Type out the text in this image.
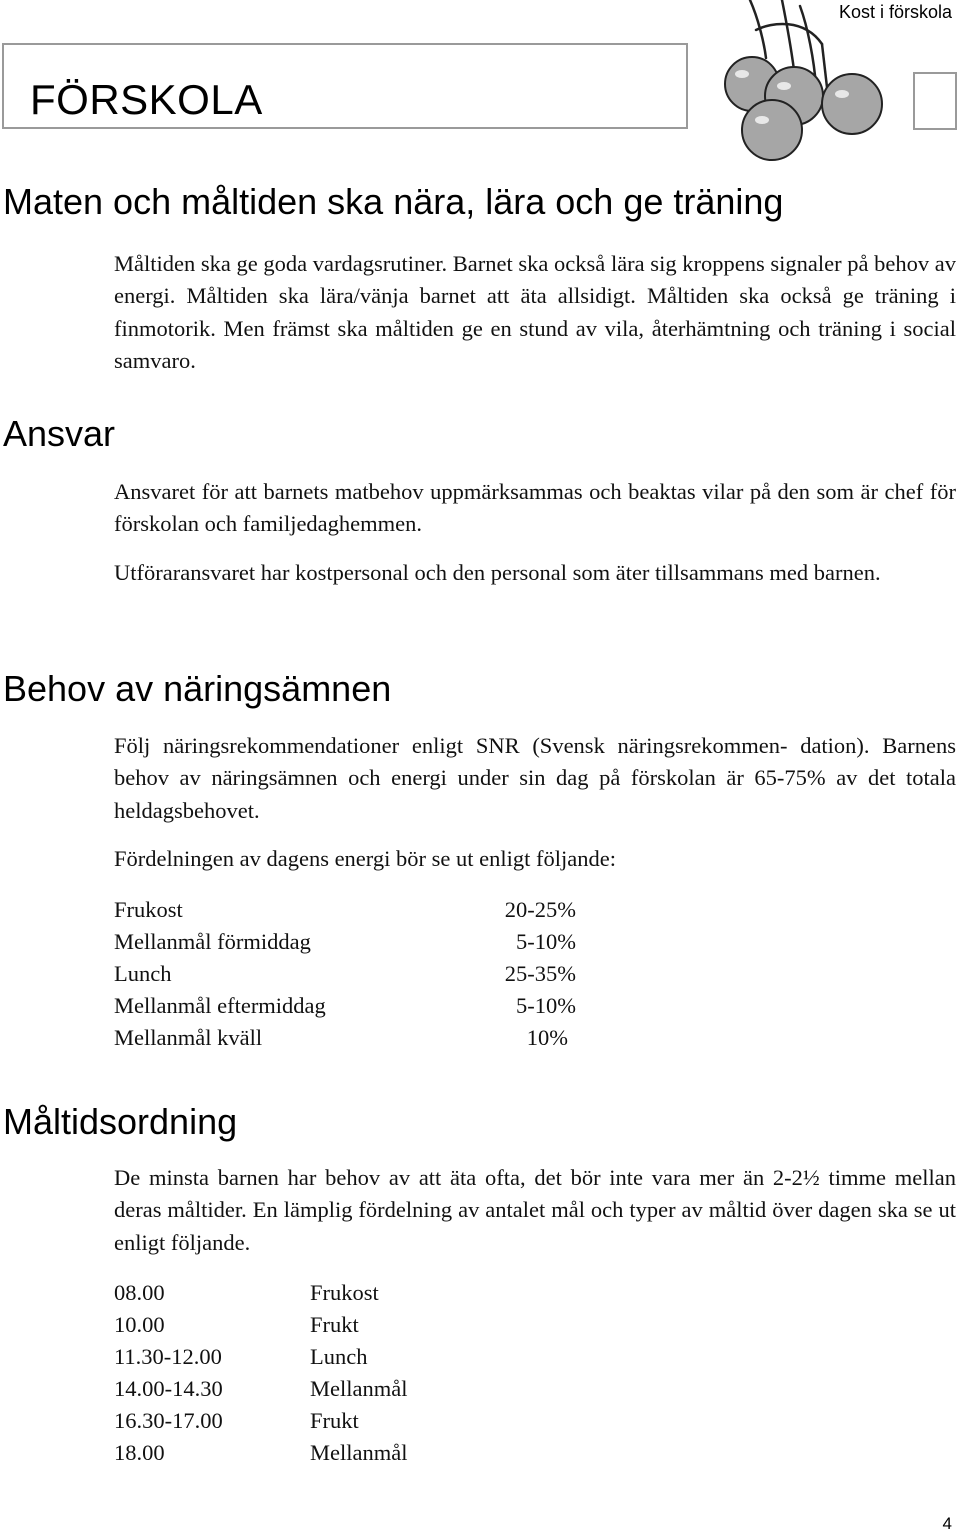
Kost i förskola
FÖRSKOLA
Maten och måltiden ska nära, lära och ge träning

Måltiden ska ge goda vardagsrutiner. Barnet ska också lära sig kroppens signaler på behov av energi. Måltiden ska lära/vänja barnet att äta allsidigt. Måltiden ska också ge träning i finmotorik. Men främst ska måltiden ge en stund av vila, återhämtning och träning i social samvaro.

Ansvar

Ansvaret för att barnets matbehov uppmärksammas och beaktas vilar på den som är chef för förskolan och familjedaghemmen.

Utföraransvaret har kostpersonal och den personal som äter tillsammans med barnen.

Behov av näringsämnen

Följ näringsrekommendationer enligt SNR (Svensk näringsrekommen- dation). Barnens behov av näringsämnen och energi under sin dag på förskolan är 65-75% av det totala heldagsbehovet.

Fördelningen av dagens energi bör se ut enligt följande:

Frukost	20-25%
Mellanmål förmiddag	5-10%
Lunch	25-35%
Mellanmål eftermiddag	5-10%
Mellanmål kväll	10%
Måltidsordning

De minsta barnen har behov av att äta ofta, det bör inte vara mer än 2-2½ timme mellan deras måltider. En lämplig fördelning av antalet mål och typer av måltid över dagen ska se ut enligt följande.

08.00	Frukost
10.00	Frukt
11.30-12.00	Lunch
14.00-14.30	Mellanmål
16.30-17.00	Frukt
18.00	Mellanmål
4
